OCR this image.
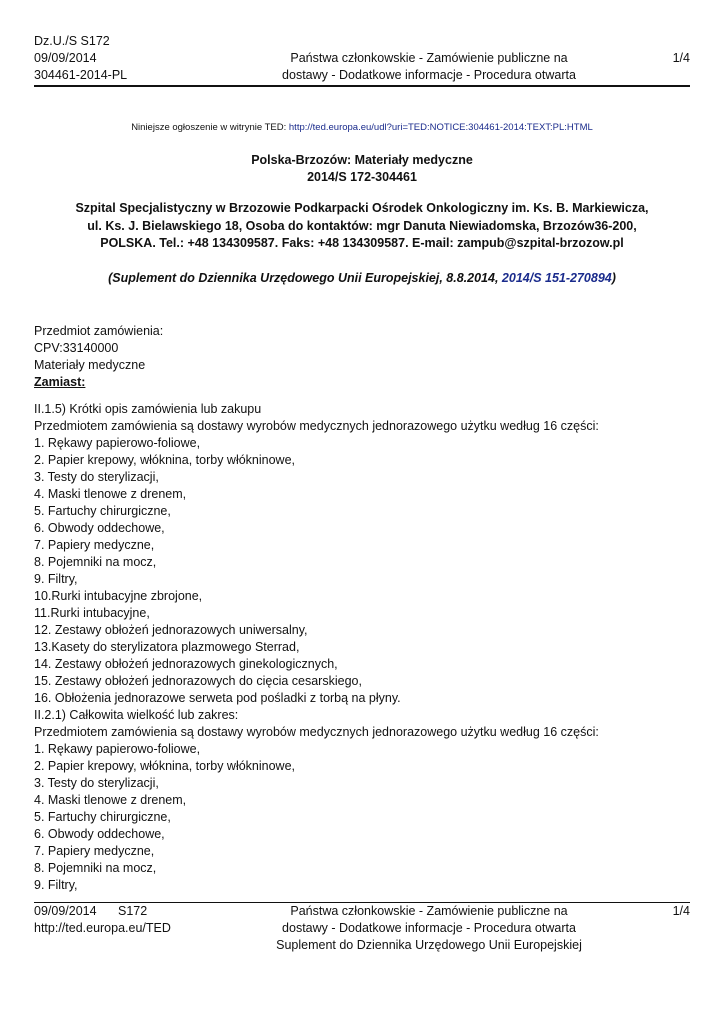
Dz.U./S S172
09/09/2014
304461-2014-PL
Państwa członkowskie - Zamówienie publiczne na
dostawy - Dodatkowe informacje - Procedura otwarta
1/4
Niniejsze ogłoszenie w witrynie TED: http://ted.europa.eu/udl?uri=TED:NOTICE:304461-2014:TEXT:PL:HTML
Polska-Brzozów: Materiały medyczne
2014/S 172-304461
Szpital Specjalistyczny w Brzozowie Podkarpacki Ośrodek Onkologiczny im. Ks. B. Markiewicza,
ul. Ks. J. Bielawskiego 18, Osoba do kontaktów: mgr Danuta Niewiadomska, Brzozów36-200,
POLSKA. Tel.: +48 134309587. Faks: +48 134309587. E-mail: zampub@szpital-brzozow.pl
(Suplement do Dziennika Urzędowego Unii Europejskiej, 8.8.2014, 2014/S 151-270894)
Przedmiot zamówienia:
CPV:33140000
Materiały medyczne
Zamiast:
II.1.5) Krótki opis zamówienia lub zakupu
Przedmiotem zamówienia są dostawy wyrobów medycznych jednorazowego użytku według 16 części:
1. Rękawy papierowo-foliowe,
2. Papier krepowy, włóknina, torby włókninowe,
3. Testy do sterylizacji,
4. Maski tlenowe z drenem,
5. Fartuchy chirurgiczne,
6. Obwody oddechowe,
7. Papiery medyczne,
8. Pojemniki na mocz,
9. Filtry,
10.Rurki intubacyjne zbrojone,
11.Rurki intubacyjne,
12. Zestawy obłożeń jednorazowych uniwersalny,
13.Kasety do sterylizatora plazmowego Sterrad,
14. Zestawy obłożeń jednorazowych ginekologicznych,
15. Zestawy obłożeń jednorazowych do cięcia cesarskiego,
16. Obłożenia jednorazowe serweta pod pośladki z torbą na płyny.
II.2.1) Całkowita wielkość lub zakres:
Przedmiotem zamówienia są dostawy wyrobów medycznych jednorazowego użytku według 16 części:
1. Rękawy papierowo-foliowe,
2. Papier krepowy, włóknina, torby włókninowe,
3. Testy do sterylizacji,
4. Maski tlenowe z drenem,
5. Fartuchy chirurgiczne,
6. Obwody oddechowe,
7. Papiery medyczne,
8. Pojemniki na mocz,
9. Filtry,
09/09/2014 S172
http://ted.europa.eu/TED
Państwa członkowskie - Zamówienie publiczne na
dostawy - Dodatkowe informacje - Procedura otwarta
Suplement do Dziennika Urzędowego Unii Europejskiej
1/4
